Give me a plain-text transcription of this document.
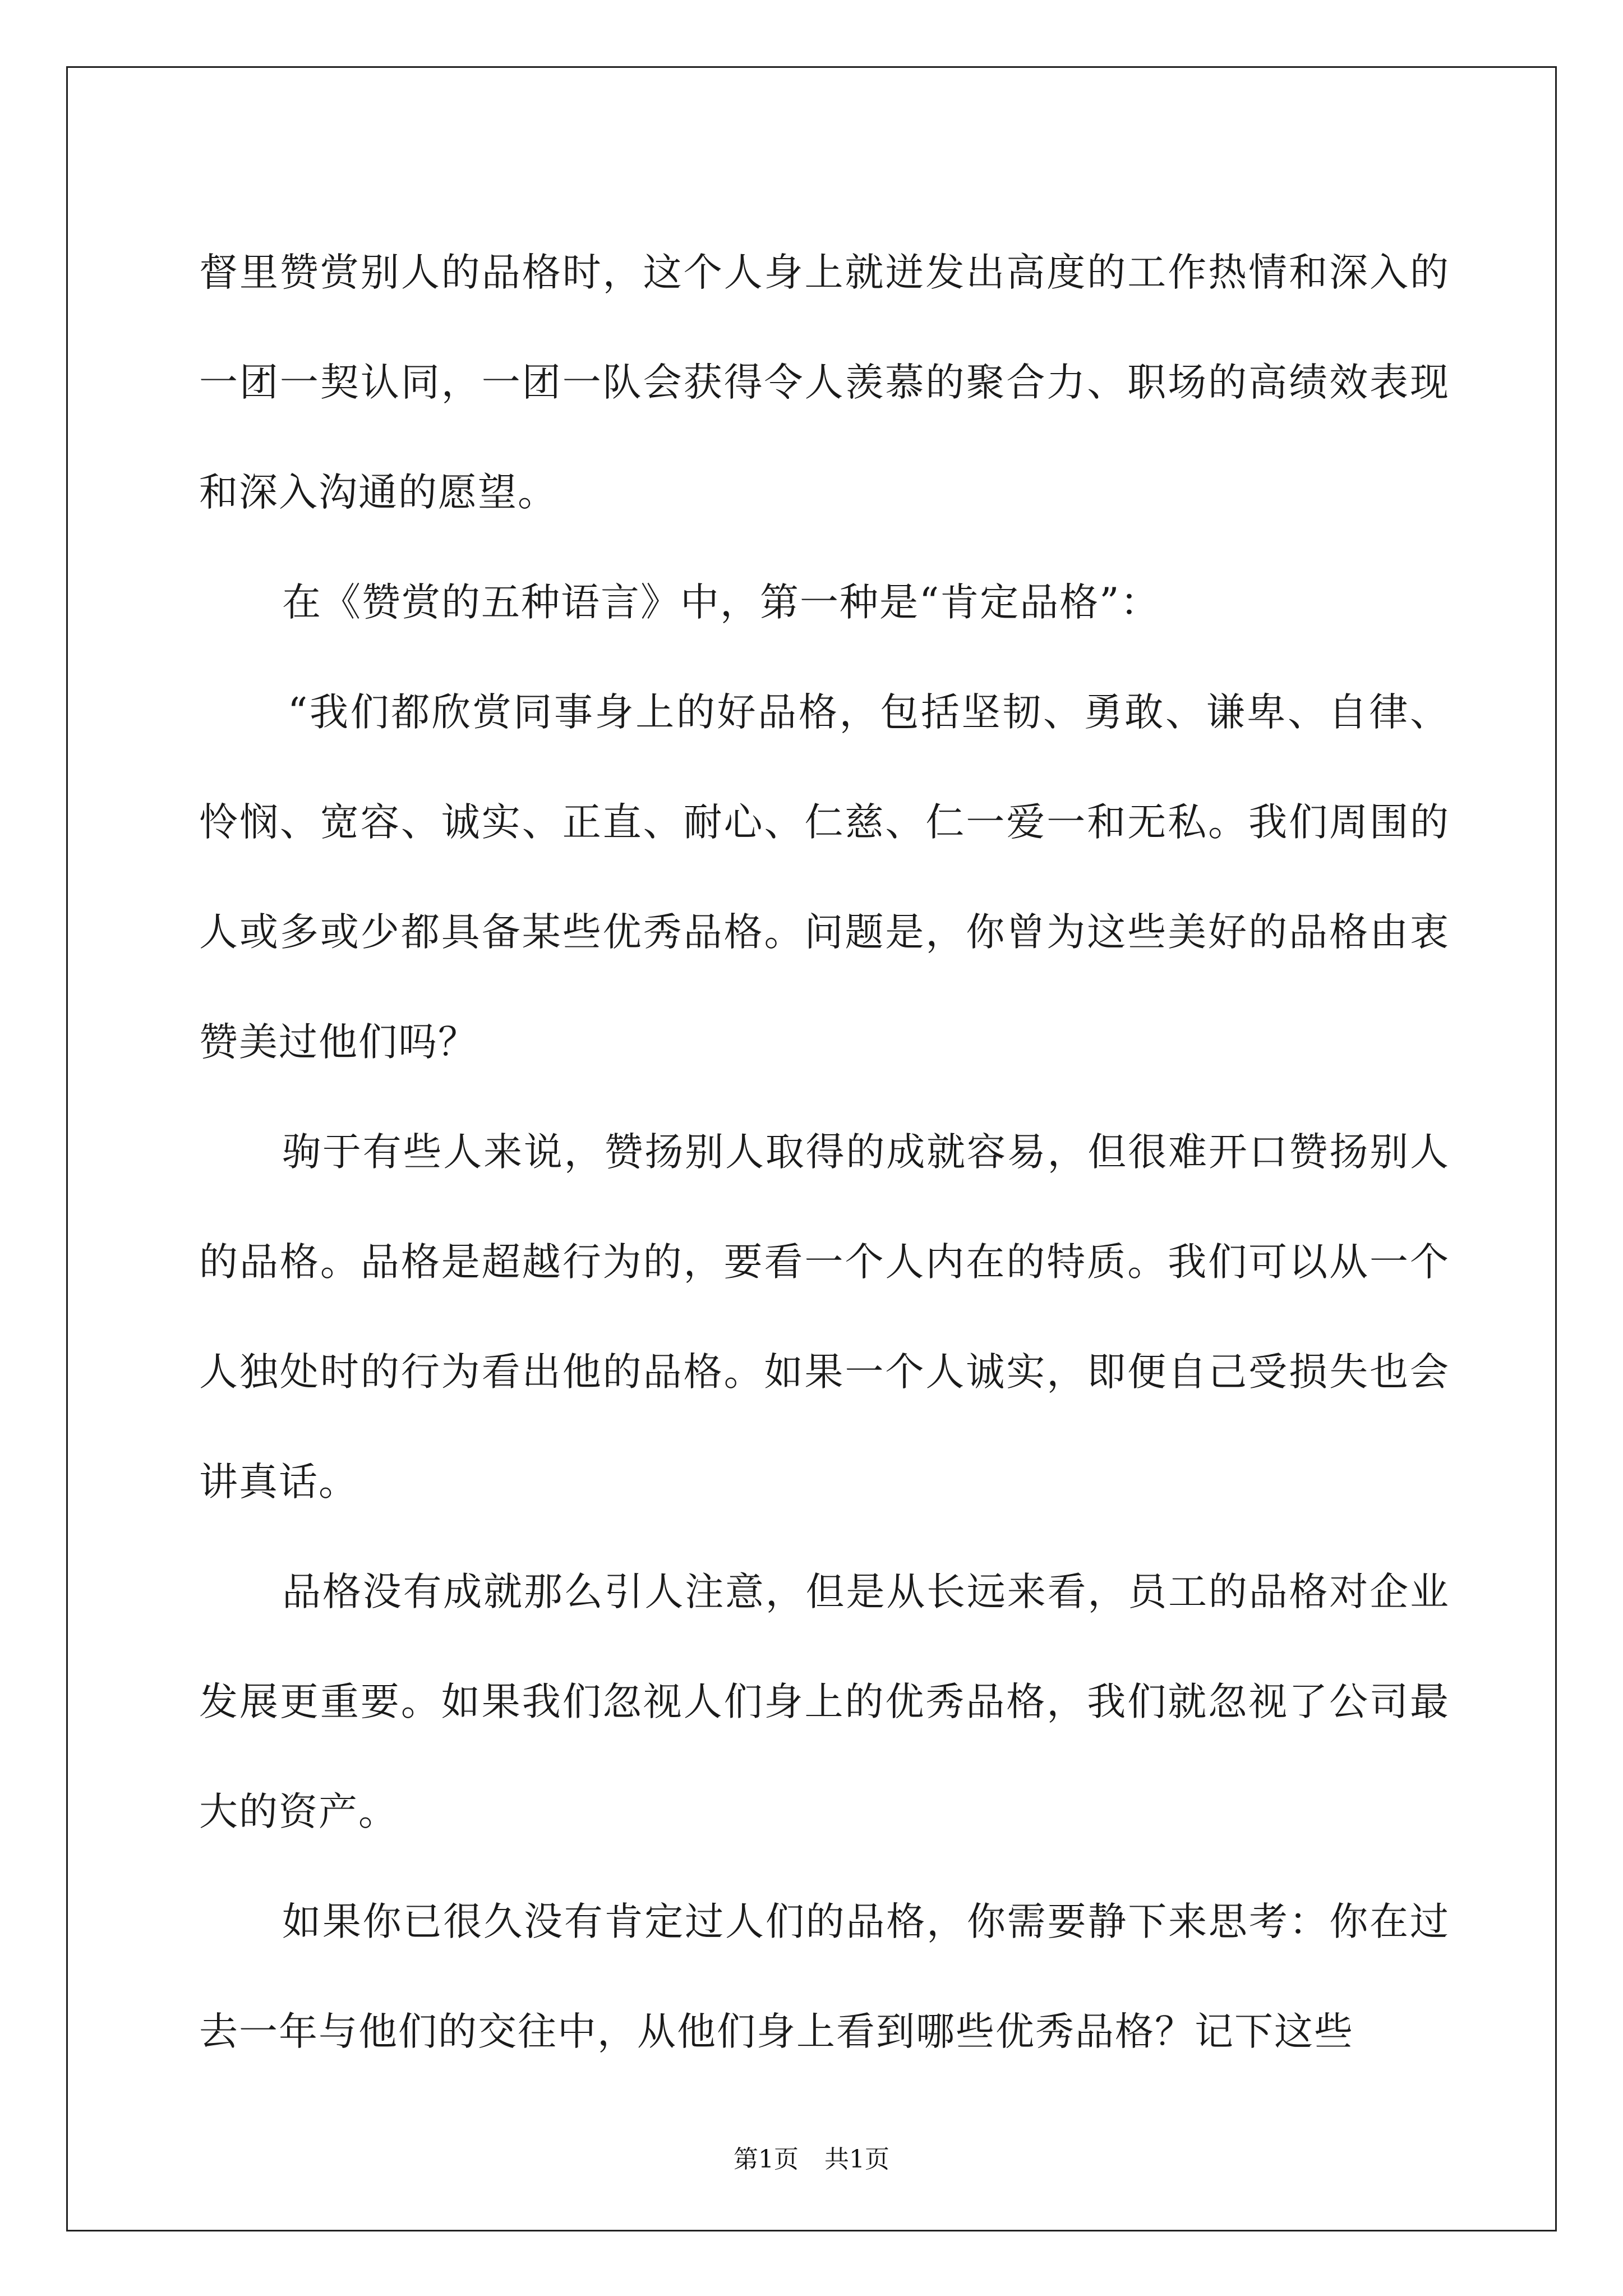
督里赞赏别人的品格时，这个人身上就迸发出高度的工作热情和深入的一团一契认同，一团一队会获得令人羡慕的聚合力、职场的高绩效表现和深入沟通的愿望。

在《赞赏的五种语言》中，第一种是“肯定品格”：

“我们都欣赏同事身上的好品格，包括坚韧、勇敢、谦卑、自律、怜悯、宽容、诚实、正直、耐心、仁慈、仁一爱一和无私。我们周围的人或多或少都具备某些优秀品格。问题是，你曾为这些美好的品格由衷赞美过他们吗？

驹于有些人来说，赞扬别人取得的成就容易，但很难开口赞扬别人的品格。品格是超越行为的，要看一个人内在的特质。我们可以从一个人独处时的行为看出他的品格。如果一个人诚实，即便自己受损失也会讲真话。

品格没有成就那么引人注意，但是从长远来看，员工的品格对企业发展更重要。如果我们忽视人们身上的优秀品格，我们就忽视了公司最大的资产。

如果你已很久没有肯定过人们的品格，你需要静下来思考：你在过去一年与他们的交往中，从他们身上看到哪些优秀品格？记下这些

第1页 共1页
